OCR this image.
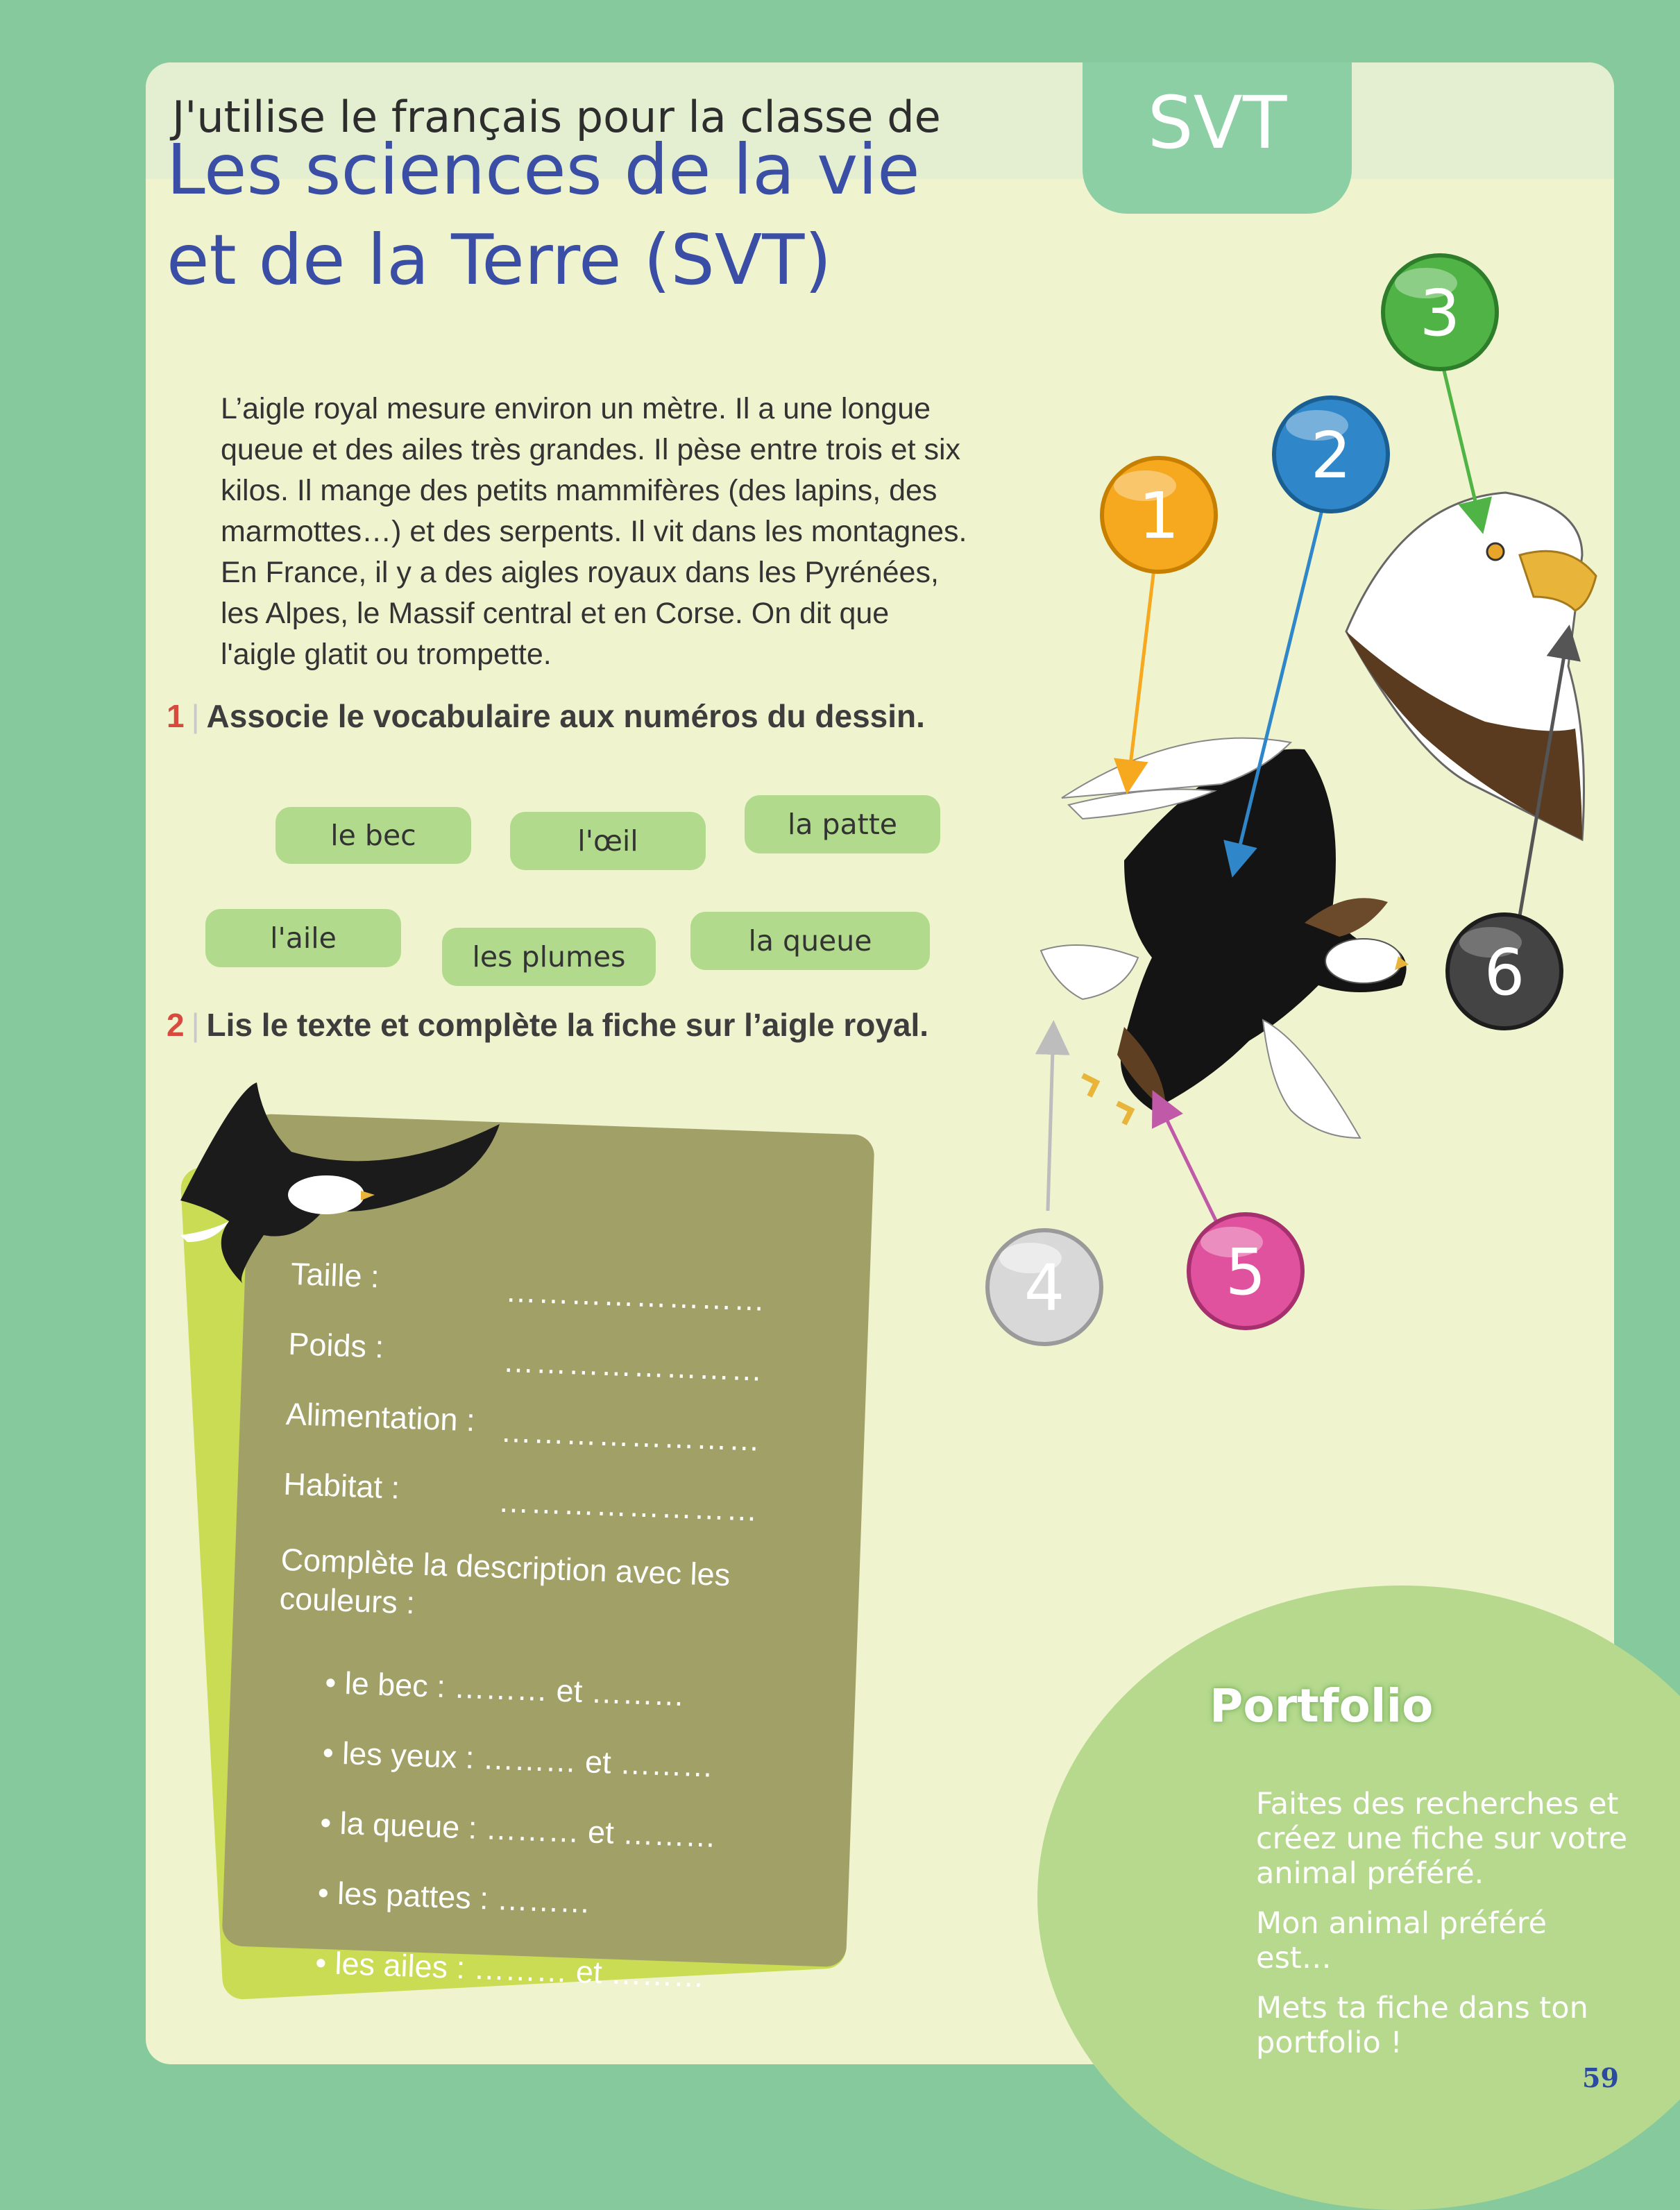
J'utilise le français pour la classe de	SVT
Les sciences de la vie
et de la Terre (SVT)
L’aigle royal mesure environ un mètre. Il a une longue
queue et des ailes très grandes. Il pèse entre trois et six
kilos. Il mange des petits mammifères (des lapins, des
marmottes…) et des serpents. Il vit dans les montagnes.
En France, il y a des aigles royaux dans les Pyrénées,
les Alpes, le Massif central et en Corse. On dit que
l'aigle glatit ou trompette.
1 | Associe le vocabulaire aux numéros du dessin.
le bec	l'œil	la patte
l'aile
les plumes	la queue
2 | Lis le texte et complète la fiche sur l’aigle royal.
Taille :	……………………
Poids :	……………………
Alimentation : ……………………
Habitat :	……………………
Complète la description avec les couleurs :
• le bec : ……… et ………
• les yeux : ……… et ………
• la queue : ……… et ………
• les pattes : ………
• les ailes : ……… et ………
Portfolio
Faites des recherches et créez une fiche sur votre animal préféré.
Mon animal préféré est…
Mets ta fiche dans ton portfolio !
59
1
2
3
4	5
6
